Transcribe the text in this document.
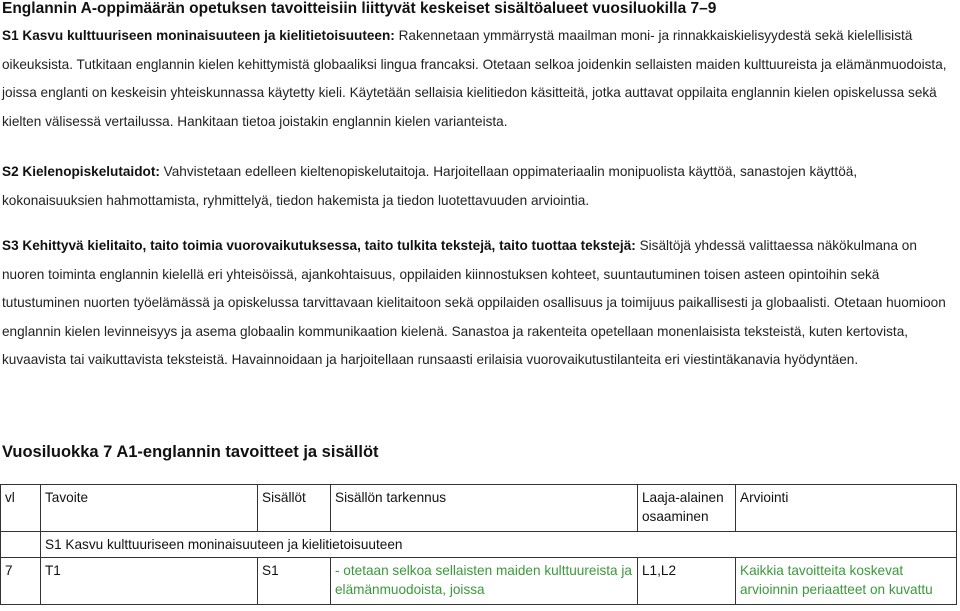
Englannin A-oppimäärän opetuksen tavoitteisiin liittyvät keskeiset sisältöalueet vuosiluokilla 7–9

S1 Kasvu kulttuuriseen moninaisuuteen ja kielitietoisuuteen: Rakennetaan ymmärrystä maailman moni- ja rinnakkaiskielisyydestä sekä kielellisistä oikeuksista. Tutkitaan englannin kielen kehittymistä globaaliksi lingua francaksi. Otetaan selkoa joidenkin sellaisten maiden kulttuureista ja elämänmuodoista, joissa englanti on keskeisin yhteiskunnassa käytetty kieli. Käytetään sellaisia kielitiedon käsitteitä, jotka auttavat oppilaita englannin kielen opiskelussa sekä kielten välisessä vertailussa. Hankitaan tietoa joistakin englannin kielen varianteista.

S2 Kielenopiskelutaidot: Vahvistetaan edelleen kieltenopiskelutaitoja. Harjoitellaan oppimateriaalin monipuolista käyttöä, sanastojen käyttöä, kokonaisuuksien hahmottamista, ryhmittelyä, tiedon hakemista ja tiedon luotettavuuden arviointia.

S3 Kehittyvä kielitaito, taito toimia vuorovaikutuksessa, taito tulkita tekstejä, taito tuottaa tekstejä: Sisältöjä yhdessä valittaessa näkökulmana on nuoren toiminta englannin kielellä eri yhteisöissä, ajankohtaisuus, oppilaiden kiinnostuksen kohteet, suuntautuminen toisen asteen opintoihin sekä tutustuminen nuorten työelämässä ja opiskelussa tarvittavaan kielitaitoon sekä oppilaiden osallisuus ja toimijuus paikallisesti ja globaalisti. Otetaan huomioon englannin kielen levinneisyys ja asema globaalin kommunikaation kielenä. Sanastoa ja rakenteita opetellaan monenlaisista teksteistä, kuten kertovista, kuvaavista tai vaikuttavista teksteistä. Havainnoidaan ja harjoitellaan runsaasti erilaisia vuorovaikutustilanteita eri viestintäkanavia hyödyntäen.

Vuosiluokka 7 A1-englannin tavoitteet ja sisällöt
vl	Tavoite	Sisällöt	Sisällön tarkennus	Laaja-alainen osaaminen	Arviointi
	S1 Kasvu kulttuuriseen moninaisuuteen ja kielitietoisuuteen				
7	T1	S1	- otetaan selkoa sellaisten maiden kulttuureista ja elämänmuodoista, joissa	L1,L2	Kaikkia tavoitteita koskevat arvioinnin periaatteet on kuvattu
